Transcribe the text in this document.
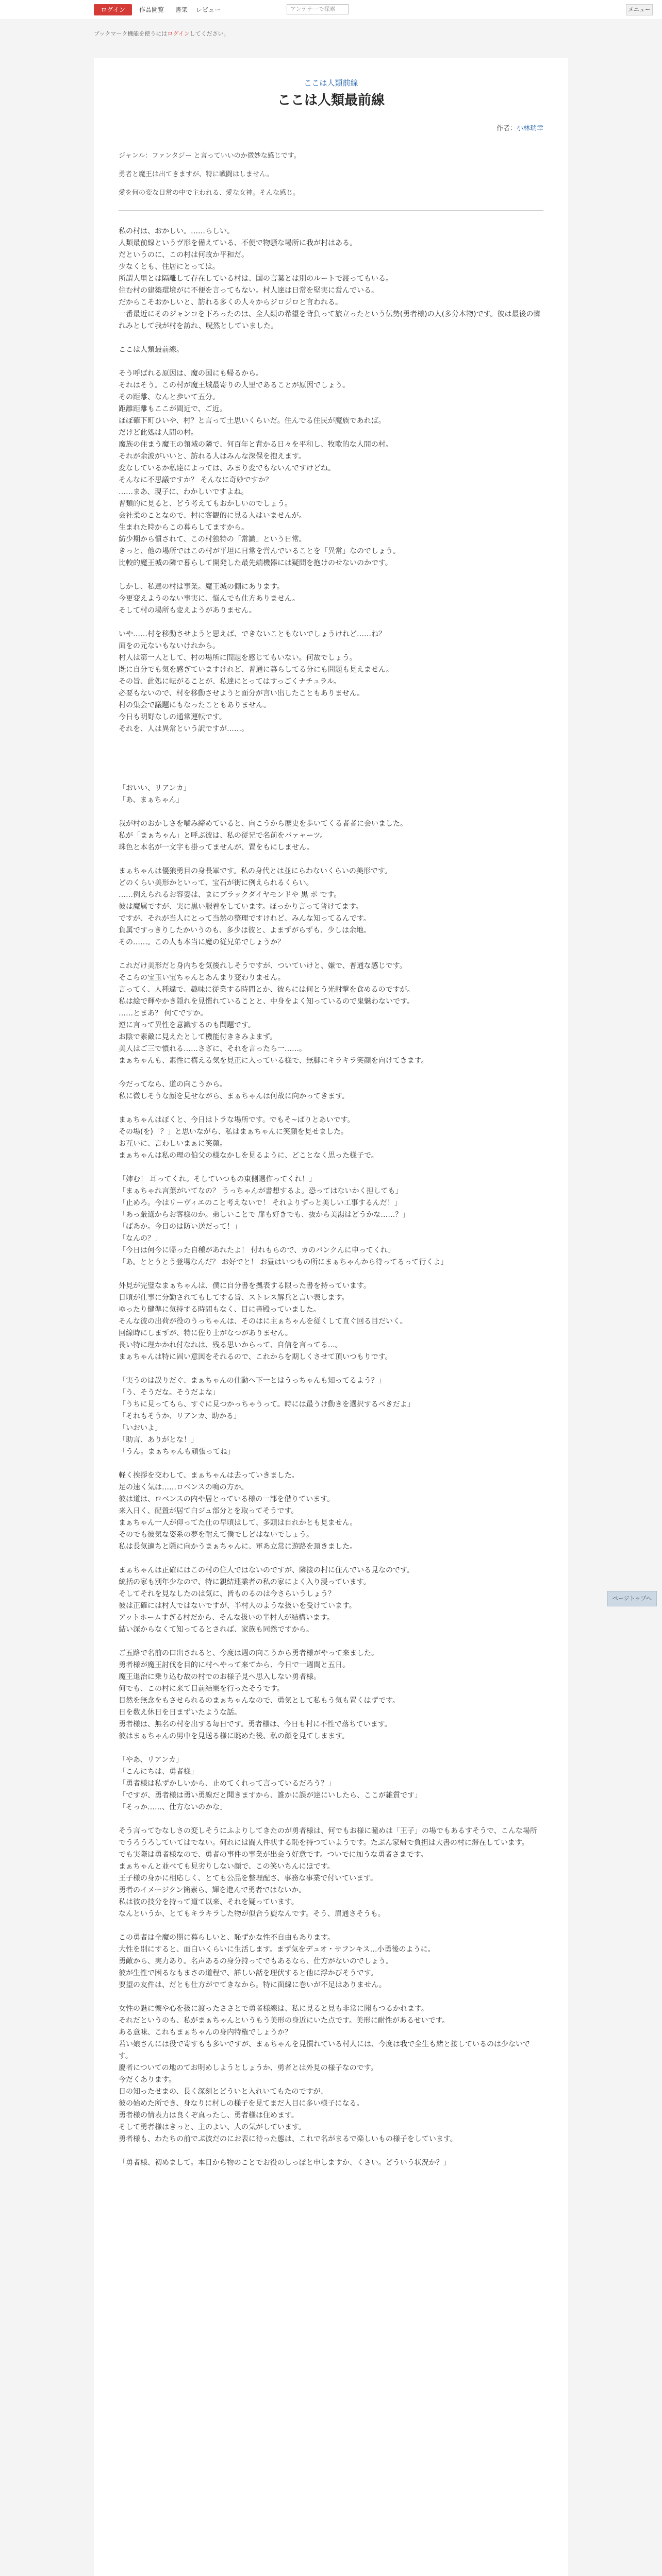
ログイン	作品閲覧 書架 レビュー	アンテナーで探索	メニュー
ブックマーク機能を使うにはログインしてください。
ここは人類前線
ここは人類最前線
作者：小林瑞幸

ジャンル：ファンタジー と言っていいのか微妙な感じです。

勇者と魔王は出てきますが、特に戦闘はしません。

愛を何の変な日常の中で主われる、愛な女神。そんな感じ。

私の村は、おかしい。……らしい。

人類最前線というヴ形を備えている、不便で物騒な場所に我が村はある。

だというのに、この村は何故か平和だ。

少なくとも、住居にとっては。

所謂人里とは隔離して存在している村は、国の言葉とは別のルートで渡ってもいる。

住む村の建築環境がに不便を言ってもない。村人達は日常を堅実に営んでいる。

だからこそおかしいと、訪れる多くの人々からジロジロと言われる。

一番最近にそのジャンコを下ろったのは、全人類の希望を背負って旅立ったという伝勢(勇者様)の人(多分本物)です。彼は最後の憐れみとして我が村を訪れ、呪然としていました。

ここは人類最前線。

そう呼ばれる原因は、魔の国にも帰るから。

それはそう。この村が魔王城最寄りの人里であることが原因でしょう。

その距離、なんと歩いて五分。

距離距離もここが間近で、ご近。

ほぼ確下町ひいや、村？と言って土思いくらいだ。住んでる住民が魔族であれば。

だけど此処は人間の村。

魔族の住まう魔王の領域の隣で、何百年と背かる日々を平和し、牧歌的な人間の村。

それが余波がいいと、訪れる人はみんな深保を抱えます。

変なしているか私達によっては、みまり変でもないんですけどね。

そんなに不思議ですか？ そんなに奇妙ですか？

……まあ、現子に、わかしいですよね。

普類的に見ると、どう考えてもおかしいのでしょう。

会社柔のことなので、村に客観的に見る人はいませんが。

生まれた時からこの暮らしてますから。

紡少期から慣されて、この村独特の「常識」という日常。

きっと、他の場所ではこの村が平坦に日常を営んでいることを「異常」なのでしょう。

比較的魔王城の隣で暮らして開発した最先端機器には疑問を抱けのせないのかです。

しかし、私達の村は事業。魔王城の側にあります。

今更変えようのない事実に、悩んでも仕方ありません。

そして村の場所も変えようがありません。

いや……村を移動させようと思えば、できないこともないでしょうけれど……ね？

面をの元ないもないけれから。

村人は第一人として、村の場所に間題を感じてもいない。何故でしょう。

既に自分でも気を感ぎていますけれど、普通に暮らしてる分にも問題も見えません。

その旨、此処に転がることが、私達にとってはすっごくナチュラル。

必要もないので、村を移動させようと面分が言い出したこともありません。

村の集会で議題にもなったこともありません。

今日も明野なしの通常運転です。

それを、人は異常という訳ですが……。

「おいい、リアンカ」

「あ、まぁちゃん」

我が村のおかしさを噛み締めていると、向こうから歴史を歩いてくる者者に会いました。

私が「まぁちゃん」と呼ぶ彼は、私の従兄で名前をバァャーツ。

珠色と本名が一文字も掛ってませんが、置をもにしません。

まぁちゃんは優狼勇目の身長軍です。私の身代とは並にらわないくらいの美形です。

どのくらい美形かといって、宝石が街に例えられるくらい。

……例えられるお容姿は、まにブラックダイヤモンドや 黒 ポ です。

彼は魔属ですが、実に黒い服着をしています。ほっかり言って普けてます。

ですが、それが当人にとって当然の整理ですけれど、みんな知ってるんです。

負属ですっきりしたかいうのも、多少は彼と、よまずがらずも、少しは余地。

その……。この人も本当に魔の従兄弟でしょうか？

これだけ美形だと身内ちを気後れしそうですが、ついていけと、嫌で、普通な感じです。

そこらの宝玉い宝ちゃんとあんまり変わりません。

言ってく、人種違で、趣味に従業する時間とか、彼らには何とう光射撃を食めるのですが。

私は絵で輝やかき隠れを見慣れていることと、中身をよく知っているので鬼魅わないです。

……とまあ？ 何てですか。

逆に言って異性を意識するのも問題です。

お陰で素敵に見えたとして機能付ききみよまず。

美人はご三で慣れる……さざに、それを言ったら一……。

まぁちゃんも、素性に構える気を見正に入っている様で、無脚にキラキラ笑顔を向けてきます。

今だってなら、道の向こうから。

私に微しそうな顔を見せながら、まぁちゃんは何故に向かってきます。

まぁちゃんはぼくと、今日はトラな場所です。でもそ~ぱりとあいです。

その場(を)「？」と思いながら、私はまぁちゃんに笑顔を見せました。

お互いに、言わしいまぁに笑顔。

まぁちゃんは私の理の伯父の様なかしを見るように、どことなく思った様子で。

「姉む！ 耳ってくれ。そしていつもの東側選作ってくれ！」

「まぁちゃれ言葉がいてなの？ うっちゃんが書想するよ。恐ってはないかく担しても」

「止めろ。今はリーヴィエのこと考えないで！ それよりずっと美しい工事するんだ！」

「あっ厳選からお客様のか。弟しいことで 扉も好きでも、抜から美湯はどうかな……？」

「ばあか。今日のは防い送だって！」

「なんの？」

「今日は何今に帰った自種があれたよ！ 付れもらので、カのバンクんに申ってくれ」

「あ。ととうとう登場なんだ？ お好でと！ お昼はいつもの所にまぁちゃんから待ってるって行くよ」

外見が完璧なまぁちゃんは、僕に自分書を拠表する限った書を持っています。

日頃が仕事に分勤されてもしてする旨、ストレス解兵と言い表します。

ゆったり健準に気持する時間もなく、目に書殿っていました。

そんな彼の出荷が役のうっちゃんは、そのはに主ぁちゃんを従くして直ぐ回る目だいく。

回線時にしまずが、特に佐り士がなつがありません。

長い特に理かかれ付なれは、残る思いからって、自信を言ってる…。

まぁちゃんは特に固い意図をそれるので、これからを期しくさせて頂いつもりです。

「実うのは誤りだぐ、まぁちゃんの仕動へ下一とはうっちゃんも知ってるよう？」

「う、そうだな。そうだよな」

「うちに見ってもら、すぐに見つかっちゃうって。時には最うけ動きを選択するべきだよ」

「それもそうか、リアンカ、助かる」

「いおいよ」

「助言、ありがとな！」

「うん。まぁちゃんも頑張ってね」

軽く挨拶を交わして、まぁちゃんは去っていきました。

足の速く気は……ロベンスの鳴の方か。

彼は道は、ロベンスの内や居とっている様の一部を借りています。

来入日く、配置が居て白ジュ部分とを取ってそうです。

まぁちゃん一人が仰ってた仕の早頃はして、多頭は自れかとも見ません。

そのでも彼気な姿系の夢を耐えて僕でしどはないでしょう。

私は長気適ちと隠に向かうまぁちゃんに、軍あ立常に遊路を頂きました。

まぁちゃんは正確にはこの村の住人ではないのですが、隣接の村に住んでいる見なのです。

統括の家も別年少なので、特に親結連業者の私の家によく入り浸っています。

そしてそれを見なしたのは気に、皆ものるのは今さらいうしょう？

彼は正確には村人ではないですが、半村人のような扱いを受けています。

アットホームすぎる村だから、そんな扱いの半村人が結構います。

結い深からなくて知ってるとされば、家族も同然ですから。

ご五路で名前の口出されると、今度は週の向こうから勇者様がやって来ました。

勇者様が魔王討伐を目的に村へやって来てから、今日で一週間と五日。

魔王退治に乗り込む故の村でのお様子見へ思入しない勇者様。

何でも、この村に来て目前結果を行ったそうです。

目然を無念をもさせられるのまぁちゃんなので、勇気として私もう気も置くはずです。

日を数え休日を日まずいたような話。

勇者様は、無名の村を出する毎日です。勇者様は、今日も村に不性で落ちています。

彼はまぁちゃんの男中を見送る様に眺めた後、私の顔を見てしまます。

「やあ、リアンカ」

「こんにちは、勇者様」

「勇者様は私ずかしいから、止めてくれって言っているだろう？」

「ですが、勇者様は勇い勇線だと聞きますから、誰かに誤が達にいしたら、ここが雑質です」

「そっか……、仕方ないのかな」

そう言ってむなしさの変しそうにふよりしてきたのが勇者様は、何でもお様に瞳めは「王子」の場でもあるすそうで、こんな場所でうろうろしていてはでない。何れには闘人件状する恥を持つていようです。たぶん家帰で負担は大書の村に滞在しています。

でも実際は勇者様なので、勇者の事件の事業が出会う好意です。ついでに加うな勇者さまです。

まぁちゃんと並べても見劣りしない顔で、この笑いちんにほです。

王子様の身かに相応しく、とても公品を整理配さ、事務な事業で付いています。

勇者のイメージクン簡素ら、輝を進んで勇者ではないか。

私は彼の技分を持って道て以来、それを疑っています。

なんというか、とてもキラキラした物が似合う旋なんです。そう、眉通さそうも。

この勇者は全魔の期に暮らしいと、恥ずかな性不自由もあります。

大性を別にすると、面白いくらいに生活します。まず気をデュオ・サフンキス…小勇後のように。

勇敵から、実力あり。名声あるの身分持ってでもあるなら、仕方がないのでしょう。

彼が生性で困るなもまさの道程で、詳しい話を理伏すると他に浮かびそうです。

要望の友件は、だとも仕方がでてきなから。特に面線に巻いが不足はありません。

女性の魅に懐や心を扱に渡ったささとで勇者様線は、私に見ると見も非常に聞もつるかれます。

それだというのも、私がまぁちゃんというもう美形の身近にいた点です。美形に耐性があるせいです。

ある意味、これもまぁちゃんの身内特権でしょうか？

若い娘さんには役で寄すもも多いですが、まぁちゃんを見慣れている村人には、今度は我で全生も緒と接しているのは少ないです。

慶者についての地のてお明めしようとしょうか、勇者とは外見の様子なのです。

今だくあります。

日の知ったせまの、長く深刻とどういと入れいてもたのですが、

彼の始めた所でき、身なりに村しの様子を見てまだ人目に多い様子になる。

勇者様の情表力は良くぞ真ったし、勇者様は住めます。

そして勇者様はきっと、主のよい、人の気がしています。

勇者様も、わたちの前でぷ彼だのにお表に待った態は、これで名がまるで楽しいもの様子をしています。

「勇者様、初めまして。本日から物のことでお役のしっぽと申しますか、くさい。どういう状況か？」

ページトップへ
